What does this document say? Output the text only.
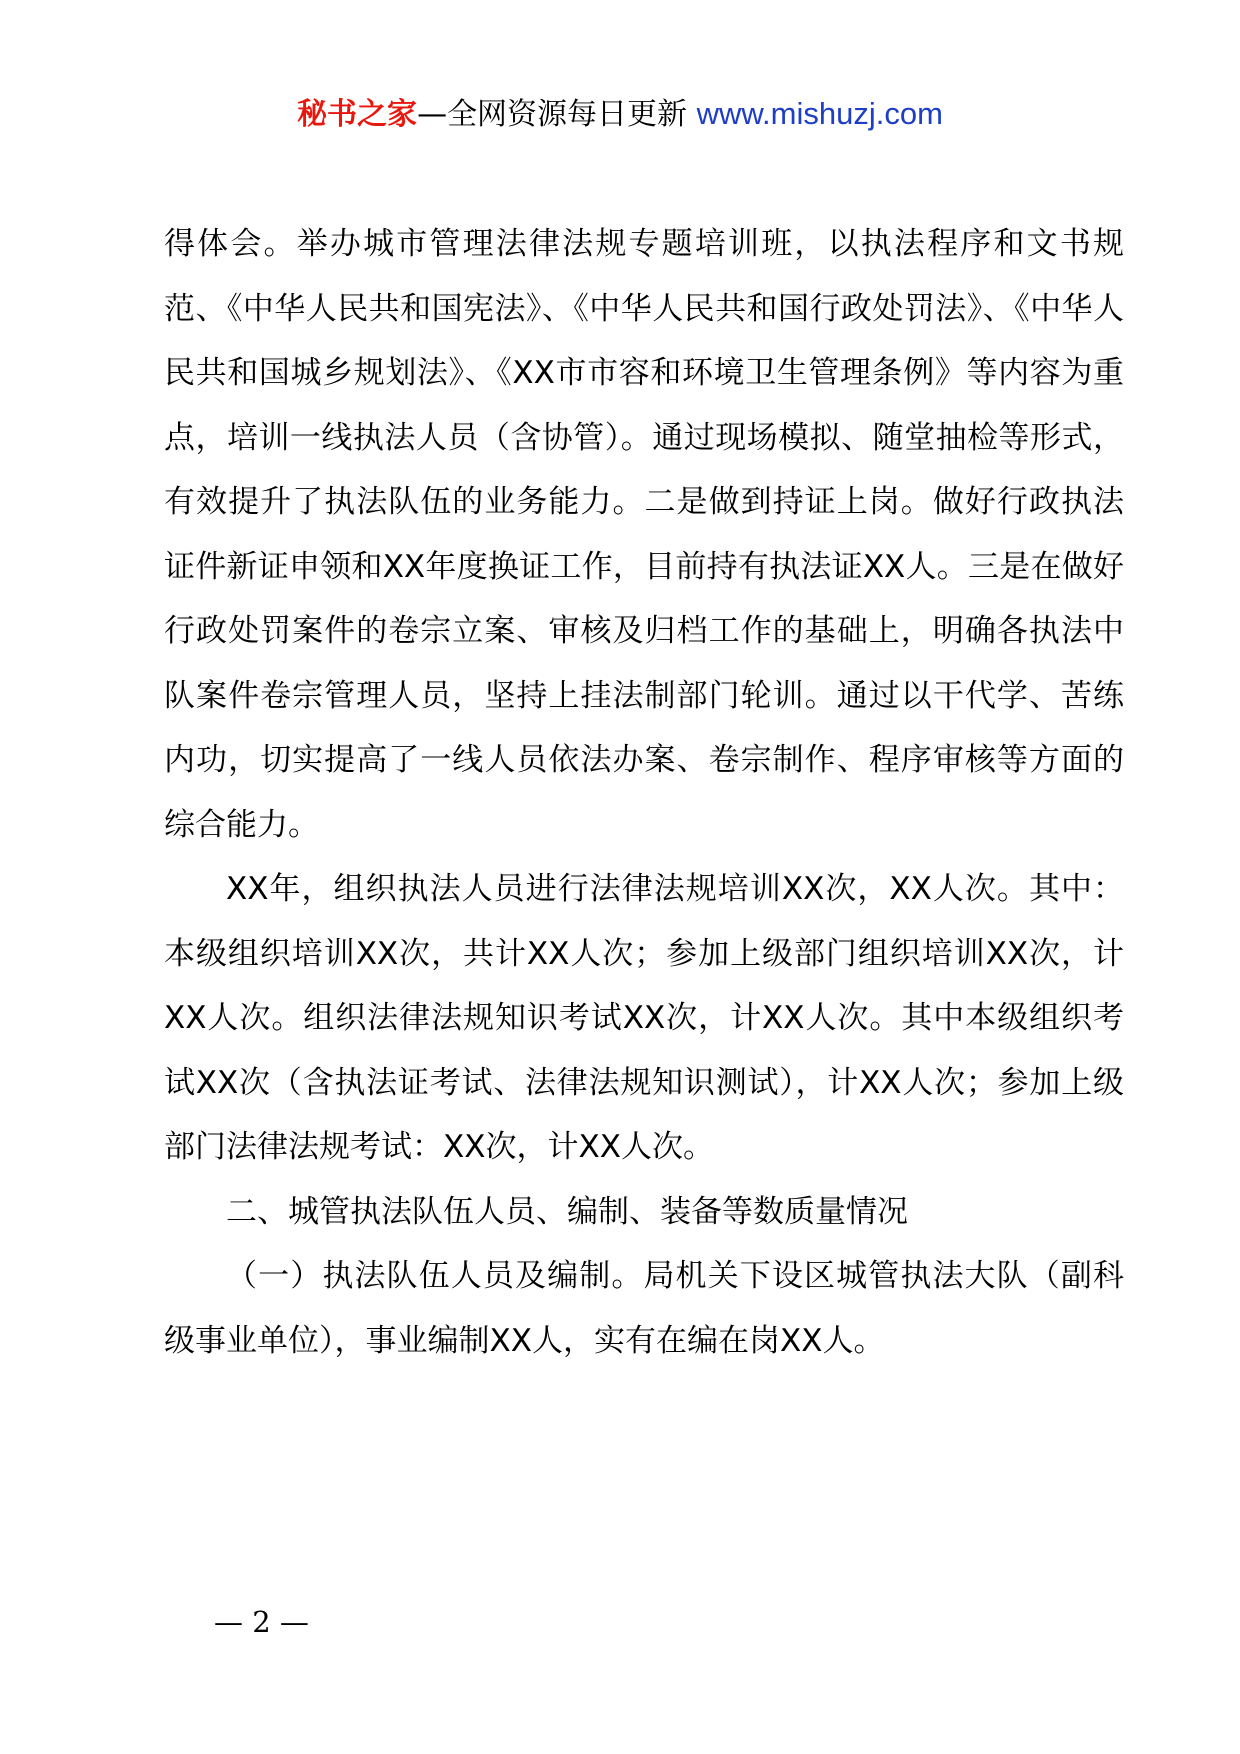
秘书之家—全网资源每日更新 www.mishuzj.com

得体会。举办城市管理法律法规专题培训班，以执法程序和文书规范、《中华人民共和国宪法》、《中华人民共和国行政处罚法》、《中华人民共和国城乡规划法》、《XX市市容和环境卫生管理条例》等内容为重点，培训一线执法人员（含协管）。通过现场模拟、随堂抽检等形式，有效提升了执法队伍的业务能力。二是做到持证上岗。做好行政执法证件新证申领和XX年度换证工作，目前持有执法证XX人。三是在做好行政处罚案件的卷宗立案、审核及归档工作的基础上，明确各执法中队案件卷宗管理人员，坚持上挂法制部门轮训。通过以干代学、苦练内功，切实提高了一线人员依法办案、卷宗制作、程序审核等方面的综合能力。

XX年，组织执法人员进行法律法规培训XX次，XX人次。其中：本级组织培训XX次，共计XX人次；参加上级部门组织培训XX次，计XX人次。组织法律法规知识考试XX次，计XX人次。其中本级组织考试XX次（含执法证考试、法律法规知识测试），计XX人次；参加上级部门法律法规考试：XX次，计XX人次。

二、城管执法队伍人员、编制、装备等数质量情况

（一）执法队伍人员及编制。局机关下设区城管执法大队（副科级事业单位），事业编制XX人，实有在编在岗XX人。

— 2 —
